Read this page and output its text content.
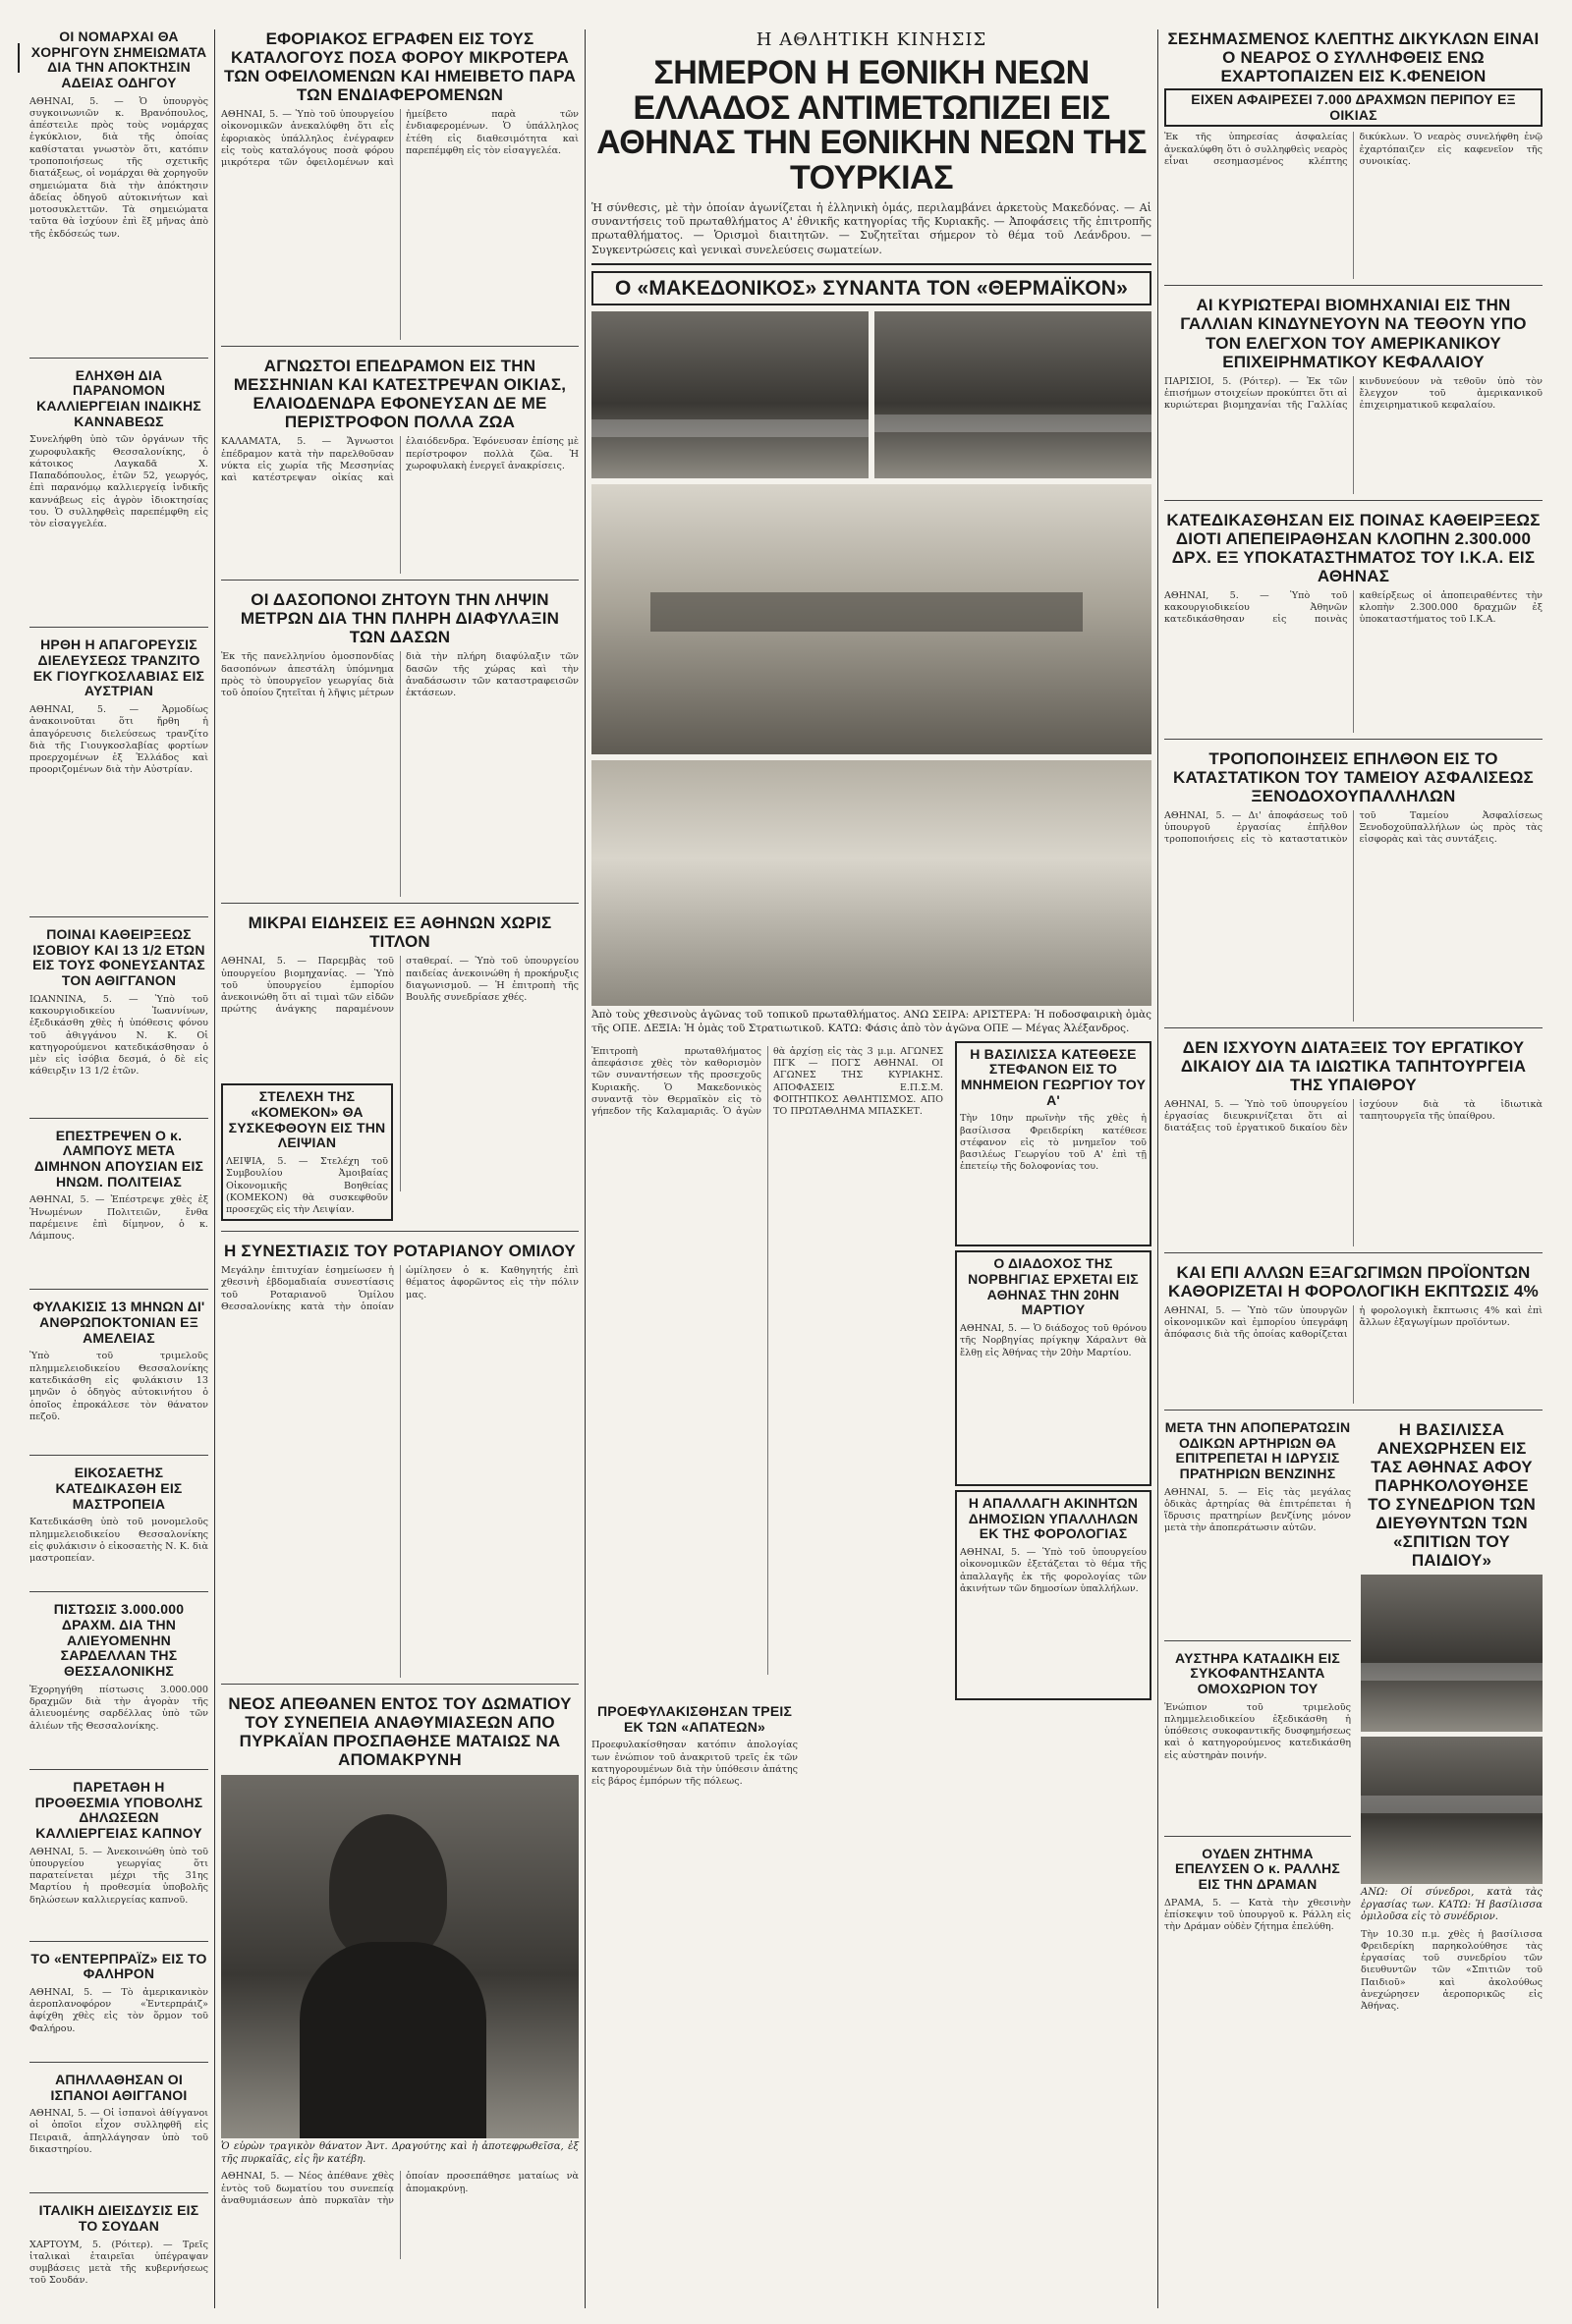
ΟΙ ΝΟΜΑΡΧΑΙ ΘΑ ΧΟΡΗΓΟΥΝ ΣΗΜΕΙΩΜΑΤΑ ΔΙΑ ΤΗΝ ΑΠΟΚΤΗΣΙΝ ΑΔΕΙΑΣ ΟΔΗΓΟΥ
ΑΘΗΝΑΙ, 5. — Ὁ ὑπουργὸς συγκοινωνιῶν κ. Βρανόπουλος, ἀπέστειλε πρὸς τοὺς νομάρχας ἐγκύκλιον, διὰ τῆς ὁποίας καθίσταται γνωστὸν ὅτι, κατόπιν τροποποιήσεως τῆς σχετικῆς διατάξεως, οἱ νομάρχαι θὰ χορηγοῦν σημειώματα διὰ τὴν ἀπόκτησιν ἀδείας ὁδηγοῦ αὐτοκινήτων καὶ μοτοσυκλεττῶν. Τὰ σημειώματα ταῦτα θὰ ἰσχύουν ἐπὶ ἕξ μῆνας ἀπὸ τῆς ἐκδόσεώς των.
ΕΛΗΧΘΗ ΔΙΑ ΠΑΡΑΝΟΜΟΝ ΚΑΛΛΙΕΡΓΕΙΑΝ ΙΝΔΙΚΗΣ ΚΑΝΝΑΒΕΩΣ
Συνελήφθη ὑπὸ τῶν ὀργάνων τῆς χωροφυλακῆς Θεσσαλονίκης, ὁ κάτοικος Λαγκαδᾶ Χ. Παπαδόπουλος, ἐτῶν 52, γεωργός, ἐπὶ παρανόμῳ καλλιεργείᾳ ἰνδικῆς καννάβεως εἰς ἀγρὸν ἰδιοκτησίας του. Ὁ συλληφθεὶς παρεπέμφθη εἰς τὸν εἰσαγγελέα.
ΗΡΘΗ Η ΑΠΑΓΟΡΕΥΣΙΣ ΔΙΕΛΕΥΣΕΩΣ ΤΡΑΝΖΙΤΟ ΕΚ ΓΙΟΥΓΚΟΣΛΑΒΙΑΣ ΕΙΣ ΑΥΣΤΡΙΑΝ
ΑΘΗΝΑΙ, 5. — Ἁρμοδίως ἀνακοινοῦται ὅτι ἤρθη ἡ ἀπαγόρευσις διελεύσεως τρανζίτο διὰ τῆς Γιουγκοσλαβίας φορτίων προερχομένων ἐξ Ἑλλάδος καὶ προοριζομένων διὰ τὴν Αὐστρίαν.
ΠΟΙΝΑΙ ΚΑΘΕΙΡΞΕΩΣ ΙΣΟΒΙΟΥ ΚΑΙ 13 1/2 ΕΤΩΝ ΕΙΣ ΤΟΥΣ ΦΟΝΕΥΣΑΝΤΑΣ ΤΟΝ ΑΘΙΓΓΑΝΟΝ
ΙΩΑΝΝΙΝΑ, 5. — Ὑπὸ τοῦ κακουργιοδικείου Ἰωαννίνων, ἐξεδικάσθη χθὲς ἡ ὑπόθεσις φόνου τοῦ ἀθιγγάνου Ν. Κ. Οἱ κατηγορούμενοι κατεδικάσθησαν ὁ μὲν εἰς ἰσόβια δεσμά, ὁ δὲ εἰς κάθειρξιν 13 1/2 ἐτῶν.
ΕΠΕΣΤΡΕΨΕΝ Ο κ. ΛΑΜΠΟΥΣ ΜΕΤΑ ΔΙΜΗΝΟΝ ΑΠΟΥΣΙΑΝ ΕΙΣ ΗΝΩΜ. ΠΟΛΙΤΕΙΑΣ
ΑΘΗΝΑΙ, 5. — Ἐπέστρεψε χθὲς ἐξ Ἡνωμένων Πολιτειῶν, ἔνθα παρέμεινε ἐπὶ δίμηνον, ὁ κ. Λάμπους.
ΦΥΛΑΚΙΣΙΣ 13 ΜΗΝΩΝ ΔΙ' ΑΝΘΡΩΠΟΚΤΟΝΙΑΝ ΕΞ ΑΜΕΛΕΙΑΣ
Ὑπὸ τοῦ τριμελοῦς πλημμελειοδικείου Θεσσαλονίκης κατεδικάσθη εἰς φυλάκισιν 13 μηνῶν ὁ ὁδηγὸς αὐτοκινήτου ὁ ὁποῖος ἐπροκάλεσε τὸν θάνατον πεζοῦ.
ΕΙΚΟΣΑΕΤΗΣ ΚΑΤΕΔΙΚΑΣΘΗ ΕΙΣ ΜΑΣΤΡΟΠΕΙΑ
Κατεδικάσθη ὑπὸ τοῦ μονομελοῦς πλημμελειοδικείου Θεσσαλονίκης εἰς φυλάκισιν ὁ εἰκοσαετὴς Ν. Κ. διὰ μαστροπείαν.
ΠΙΣΤΩΣΙΣ 3.000.000 ΔΡΑΧΜ. ΔΙΑ ΤΗΝ ΑΛΙΕΥΟΜΕΝΗΝ ΣΑΡΔΕΛΛΑΝ ΤΗΣ ΘΕΣΣΑΛΟΝΙΚΗΣ
Ἐχορηγήθη πίστωσις 3.000.000 δραχμῶν διὰ τὴν ἀγορὰν τῆς ἀλιευομένης σαρδέλλας ὑπὸ τῶν ἀλιέων τῆς Θεσσαλονίκης.
ΠΑΡΕΤΑΘΗ Η ΠΡΟΘΕΣΜΙΑ ΥΠΟΒΟΛΗΣ ΔΗΛΩΣΕΩΝ ΚΑΛΛΙΕΡΓΕΙΑΣ ΚΑΠΝΟΥ
ΑΘΗΝΑΙ, 5. — Ἀνεκοινώθη ὑπὸ τοῦ ὑπουργείου γεωργίας ὅτι παρατείνεται μέχρι τῆς 31ης Μαρτίου ἡ προθεσμία ὑποβολῆς δηλώσεων καλλιεργείας καπνοῦ.
ΤΟ «ΕΝΤΕΡΠΡΑΪΖ» ΕΙΣ ΤΟ ΦΑΛΗΡΟΝ
ΑΘΗΝΑΙ, 5. — Τὸ ἀμερικανικὸν ἀεροπλανοφόρον «Ἐντερπράιζ» ἀφίχθη χθὲς εἰς τὸν ὅρμον τοῦ Φαλήρου.
ΑΠΗΛΛΑΘΗΣΑΝ ΟΙ ΙΣΠΑΝΟΙ ΑΘΙΓΓΑΝΟΙ
ΑΘΗΝΑΙ, 5. — Οἱ ἰσπανοὶ ἀθίγγανοι οἱ ὁποῖοι εἶχον συλληφθῆ εἰς Πειραιᾶ, ἀπηλλάγησαν ὑπὸ τοῦ δικαστηρίου.
ΙΤΑΛΙΚΗ ΔΙΕΙΣΔΥΣΙΣ ΕΙΣ ΤΟ ΣΟΥΔΑΝ
ΧΑΡΤΟΥΜ, 5. (Ρόιτερ). — Τρεῖς ἰταλικαὶ ἑταιρεῖαι ὑπέγραψαν συμβάσεις μετὰ τῆς κυβερνήσεως τοῦ Σουδάν.
ΕΦΟΡΙΑΚΟΣ ΕΓΡΑΦΕΝ ΕΙΣ ΤΟΥΣ ΚΑΤΑΛΟΓΟΥΣ ΠΟΣΑ ΦΟΡΟΥ ΜΙΚΡΟΤΕΡΑ ΤΩΝ ΟΦΕΙΛΟΜΕΝΩΝ ΚΑΙ ΗΜΕΙΒΕΤΟ ΠΑΡΑ ΤΩΝ ΕΝΔΙΑΦΕΡΟΜΕΝΩΝ
ΑΘΗΝΑΙ, 5. — Ὑπὸ τοῦ ὑπουργείου οἰκονομικῶν ἀνεκαλύφθη ὅτι εἷς ἐφοριακὸς ὑπάλληλος ἐνέγραφεν εἰς τοὺς καταλόγους ποσὰ φόρου μικρότερα τῶν ὀφειλομένων καὶ ἠμείβετο παρὰ τῶν ἐνδιαφερομένων. Ὁ ὑπάλληλος ἐτέθη εἰς διαθεσιμότητα καὶ παρεπέμφθη εἰς τὸν εἰσαγγελέα.
ΑΓΝΩΣΤΟΙ ΕΠΕΔΡΑΜΟΝ ΕΙΣ ΤΗΝ ΜΕΣΣΗΝΙΑΝ ΚΑΙ ΚΑΤΕΣΤΡΕΨΑΝ ΟΙΚΙΑΣ, ΕΛΑΙΟΔΕΝΔΡΑ ΕΦΟΝΕΥΣΑΝ ΔΕ ΜΕ ΠΕΡΙΣΤΡΟΦΟΝ ΠΟΛΛΑ ΖΩΑ
ΚΑΛΑΜΑΤΑ, 5. — Ἄγνωστοι ἐπέδραμον κατὰ τὴν παρελθοῦσαν νύκτα εἰς χωρία τῆς Μεσσηνίας καὶ κατέστρεψαν οἰκίας καὶ ἐλαιόδενδρα. Ἐφόνευσαν ἐπίσης μὲ περίστροφον πολλὰ ζῶα. Ἡ χωροφυλακὴ ἐνεργεῖ ἀνακρίσεις.
ΟΙ ΔΑΣΟΠΟΝΟΙ ΖΗΤΟΥΝ ΤΗΝ ΛΗΨΙΝ ΜΕΤΡΩΝ ΔΙΑ ΤΗΝ ΠΛΗΡΗ ΔΙΑΦΥΛΑΞΙΝ ΤΩΝ ΔΑΣΩΝ
Ἐκ τῆς πανελληνίου ὁμοσπονδίας δασοπόνων ἀπεστάλη ὑπόμνημα πρὸς τὸ ὑπουργεῖον γεωργίας διὰ τοῦ ὁποίου ζητεῖται ἡ λῆψις μέτρων διὰ τὴν πλήρη διαφύλαξιν τῶν δασῶν τῆς χώρας καὶ τὴν ἀναδάσωσιν τῶν καταστραφεισῶν ἐκτάσεων.
ΜΙΚΡΑΙ ΕΙΔΗΣΕΙΣ ΕΞ ΑΘΗΝΩΝ ΧΩΡΙΣ ΤΙΤΛΟΝ
ΑΘΗΝΑΙ, 5. — Παρεμβὰς τοῦ ὑπουργείου βιομηχανίας. — Ὑπὸ τοῦ ὑπουργείου ἐμπορίου ἀνεκοινώθη ὅτι αἱ τιμαὶ τῶν εἰδῶν πρώτης ἀνάγκης παραμένουν σταθεραί. — Ὑπὸ τοῦ ὑπουργείου παιδείας ἀνεκοινώθη ἡ προκήρυξις διαγωνισμοῦ. — Ἡ ἐπιτροπὴ τῆς Βουλῆς συνεδρίασε χθές.
ΣΤΕΛΕΧΗ ΤΗΣ «ΚΟΜΕΚΟΝ» ΘΑ ΣΥΣΚΕΦΘΟΥΝ ΕΙΣ ΤΗΝ ΛΕΙΨΙΑΝ
ΛΕΙΨΙΑ, 5. — Στελέχη τοῦ Συμβουλίου Ἀμοιβαίας Οἰκονομικῆς Βοηθείας (ΚΟΜΕΚΟΝ) θὰ συσκεφθοῦν προσεχῶς εἰς τὴν Λειψίαν.
Η ΣΥΝΕΣΤΙΑΣΙΣ ΤΟΥ ΡΟΤΑΡΙΑΝΟΥ ΟΜΙΛΟΥ
Μεγάλην ἐπιτυχίαν ἐσημείωσεν ἡ χθεσινὴ ἑβδομαδιαία συνεστίασις τοῦ Ροταριανοῦ Ὁμίλου Θεσσαλονίκης κατὰ τὴν ὁποίαν ὡμίλησεν ὁ κ. Καθηγητής ἐπὶ θέματος ἀφορῶντος εἰς τὴν πόλιν μας.
ΝΕΟΣ ΑΠΕΘΑΝΕΝ ΕΝΤΟΣ ΤΟΥ ΔΩΜΑΤΙΟΥ ΤΟΥ ΣΥΝΕΠΕΙΑ ΑΝΑΘΥΜΙΑΣΕΩΝ ΑΠΟ ΠΥΡΚΑΪΑΝ ΠΡΟΣΠΑΘΗΣΕ ΜΑΤΑΙΩΣ ΝΑ ΑΠΟΜΑΚΡΥΝΗ
Ὁ εὑρὼν τραγικὸν θάνατον Ἀντ. Δραγούτης καὶ ἡ ἀποτεφρωθεῖσα, ἐξ τῆς πυρκαϊᾶς, εἰς ἣν κατέβη.
ΑΘΗΝΑΙ, 5. — Νέος ἀπέθανε χθὲς ἐντὸς τοῦ δωματίου του συνεπείᾳ ἀναθυμιάσεων ἀπὸ πυρκαϊὰν τὴν ὁποίαν προσεπάθησε ματαίως νὰ ἀπομακρύνῃ.
Η ΑΘΛΗΤΙΚΗ ΚΙΝΗΣΙΣ
ΣΗΜΕΡΟΝ Η ΕΘΝΙΚΗ ΝΕΩΝ ΕΛΛΑΔΟΣ ΑΝΤΙΜΕΤΩΠΙΖΕΙ ΕΙΣ ΑΘΗΝΑΣ ΤΗΝ ΕΘΝΙΚΗΝ ΝΕΩΝ ΤΗΣ ΤΟΥΡΚΙΑΣ
Ἡ σύνθεσις, μὲ τὴν ὁποίαν ἀγωνίζεται ἡ ἑλληνικὴ ὁμάς, περιλαμβάνει ἀρκετοὺς Μακεδόνας. — Αἱ συναντήσεις τοῦ πρωταθλήματος Α' ἐθνικῆς κατηγορίας τῆς Κυριακῆς. — Ἀποφάσεις τῆς ἐπιτροπῆς πρωταθλήματος. — Ὁρισμοὶ διαιτητῶν. — Συζητεῖται σήμερον τὸ θέμα τοῦ Λεάνδρου. — Συγκεντρώσεις καὶ γενικαὶ συνελεύσεις σωματείων.
Ο «ΜΑΚΕΔΟΝΙΚΟΣ» ΣΥΝΑΝΤΑ ΤΟΝ «ΘΕΡΜΑΪΚΟΝ»
Ἀπὸ τοὺς χθεσινοὺς ἀγῶνας τοῦ τοπικοῦ πρωταθλήματος. ΑΝΩ ΣΕΙΡΑ: ΑΡΙΣΤΕΡΑ: Ἡ ποδοσφαιρικὴ ὁμὰς τῆς ΟΠΕ. ΔΕΞΙΑ: Ἡ ὁμὰς τοῦ Στρατιωτικοῦ. ΚΑΤΩ: Φάσις ἀπὸ τὸν ἀγῶνα ΟΠΕ — Μέγας Ἀλέξανδρος.
Ἐπιτροπὴ πρωταθλήματος ἀπεφάσισε χθὲς τὸν καθορισμὸν τῶν συναντήσεων τῆς προσεχοῦς Κυριακῆς. Ὁ Μακεδονικὸς συναντᾷ τὸν Θερμαϊκὸν εἰς τὸ γήπεδον τῆς Καλαμαριᾶς. Ὁ ἀγὼν θὰ ἀρχίσῃ εἰς τὰς 3 μ.μ. ΑΓΩΝΕΣ ΠΓΚ — ΠΟΓΣ ΑΘΗΝΑΙ. ΟΙ ΑΓΩΝΕΣ ΤΗΣ ΚΥΡΙΑΚΗΣ. ΑΠΟΦΑΣΕΙΣ Ε.Π.Σ.Μ. ΦΟΙΤΗΤΙΚΟΣ ΑΘΛΗΤΙΣΜΟΣ. ΑΠΟ ΤΟ ΠΡΩΤΑΘΛΗΜΑ ΜΠΑΣΚΕΤ.
Η ΒΑΣΙΛΙΣΣΑ ΚΑΤΕΘΕΣΕ ΣΤΕΦΑΝΟΝ ΕΙΣ ΤΟ ΜΝΗΜΕΙΟΝ ΓΕΩΡΓΙΟΥ ΤΟΥ Α'
Τὴν 10ην πρωϊνὴν τῆς χθὲς ἡ βασίλισσα Φρειδερίκη κατέθεσε στέφανον εἰς τὸ μνημεῖον τοῦ βασιλέως Γεωργίου τοῦ Α' ἐπὶ τῇ ἐπετείῳ τῆς δολοφονίας του.
Ο ΔΙΑΔΟΧΟΣ ΤΗΣ ΝΟΡΒΗΓΙΑΣ ΕΡΧΕΤΑΙ ΕΙΣ ΑΘΗΝΑΣ ΤΗΝ 20ΗΝ ΜΑΡΤΙΟΥ
ΑΘΗΝΑΙ, 5. — Ὁ διάδοχος τοῦ θρόνου τῆς Νορβηγίας πρίγκηψ Χάραλντ θὰ ἔλθῃ εἰς Ἀθήνας τὴν 20ὴν Μαρτίου.
Η ΑΠΑΛΛΑΓΗ ΑΚΙΝΗΤΩΝ ΔΗΜΟΣΙΩΝ ΥΠΑΛΛΗΛΩΝ ΕΚ ΤΗΣ ΦΟΡΟΛΟΓΙΑΣ
ΑΘΗΝΑΙ, 5. — Ὑπὸ τοῦ ὑπουργείου οἰκονομικῶν ἐξετάζεται τὸ θέμα τῆς ἀπαλλαγῆς ἐκ τῆς φορολογίας τῶν ἀκινήτων τῶν δημοσίων ὑπαλλήλων.
ΠΡΟΕΦΥΛΑΚΙΣΘΗΣΑΝ ΤΡΕΙΣ ΕΚ ΤΩΝ «ΑΠΑΤΕΩΝ»
Προεφυλακίσθησαν κατόπιν ἀπολογίας των ἐνώπιον τοῦ ἀνακριτοῦ τρεῖς ἐκ τῶν κατηγορουμένων διὰ τὴν ὑπόθεσιν ἀπάτης εἰς βάρος ἐμπόρων τῆς πόλεως.
ΣΕΣΗΜΑΣΜΕΝΟΣ ΚΛΕΠΤΗΣ ΔΙΚΥΚΛΩΝ ΕΙΝΑΙ Ο ΝΕΑΡΟΣ Ο ΣΥΛΛΗΦΘΕΙΣ ΕΝΩ ΕΧΑΡΤΟΠΑΙΖΕΝ ΕΙΣ Κ.ΦΕΝΕΙΟΝ
ΕΙΧΕΝ ΑΦΑΙΡΕΣΕΙ 7.000 ΔΡΑΧΜΩΝ ΠΕΡΙΠΟΥ ΕΞ ΟΙΚΙΑΣ
Ἐκ τῆς ὑπηρεσίας ἀσφαλείας ἀνεκαλύφθη ὅτι ὁ συλληφθεὶς νεαρὸς εἶναι σεσημασμένος κλέπτης δικύκλων. Ὁ νεαρὸς συνελήφθη ἐνῷ ἐχαρτόπαιζεν εἰς καφενεῖον τῆς συνοικίας.
ΑΙ ΚΥΡΙΩΤΕΡΑΙ ΒΙΟΜΗΧΑΝΙΑΙ ΕΙΣ ΤΗΝ ΓΑΛΛΙΑΝ ΚΙΝΔΥΝΕΥΟΥΝ ΝΑ ΤΕΘΟΥΝ ΥΠΟ ΤΟΝ ΕΛΕΓΧΟΝ ΤΟΥ ΑΜΕΡΙΚΑΝΙΚΟΥ ΕΠΙΧΕΙΡΗΜΑΤΙΚΟΥ ΚΕΦΑΛΑΙΟΥ
ΠΑΡΙΣΙΟΙ, 5. (Ρόιτερ). — Ἐκ τῶν ἐπισήμων στοιχείων προκύπτει ὅτι αἱ κυριώτεραι βιομηχανίαι τῆς Γαλλίας κινδυνεύουν νὰ τεθοῦν ὑπὸ τὸν ἔλεγχον τοῦ ἀμερικανικοῦ ἐπιχειρηματικοῦ κεφαλαίου.
ΚΑΤΕΔΙΚΑΣΘΗΣΑΝ ΕΙΣ ΠΟΙΝΑΣ ΚΑΘΕΙΡΞΕΩΣ ΔΙΟΤΙ ΑΠΕΠΕΙΡΑΘΗΣΑΝ ΚΛΟΠΗΝ 2.300.000 ΔΡΧ. ΕΞ ΥΠΟΚΑΤΑΣΤΗΜΑΤΟΣ ΤΟΥ Ι.Κ.Α. ΕΙΣ ΑΘΗΝΑΣ
ΑΘΗΝΑΙ, 5. — Ὑπὸ τοῦ κακουργιοδικείου Ἀθηνῶν κατεδικάσθησαν εἰς ποινὰς καθείρξεως οἱ ἀποπειραθέντες τὴν κλοπὴν 2.300.000 δραχμῶν ἐξ ὑποκαταστήματος τοῦ Ι.Κ.Α.
ΤΡΟΠΟΠΟΙΗΣΕΙΣ ΕΠΗΛΘΟΝ ΕΙΣ ΤΟ ΚΑΤΑΣΤΑΤΙΚΟΝ ΤΟΥ ΤΑΜΕΙΟΥ ΑΣΦΑΛΙΣΕΩΣ ΞΕΝΟΔΟΧΟΥΠΑΛΛΗΛΩΝ
ΑΘΗΝΑΙ, 5. — Δι' ἀποφάσεως τοῦ ὑπουργοῦ ἐργασίας ἐπῆλθον τροποποιήσεις εἰς τὸ καταστατικὸν τοῦ Ταμείου Ἀσφαλίσεως Ξενοδοχοϋπαλλήλων ὡς πρὸς τὰς εἰσφορὰς καὶ τὰς συντάξεις.
ΔΕΝ ΙΣΧΥΟΥΝ ΔΙΑΤΑΞΕΙΣ ΤΟΥ ΕΡΓΑΤΙΚΟΥ ΔΙΚΑΙΟΥ ΔΙΑ ΤΑ ΙΔΙΩΤΙΚΑ ΤΑΠΗΤΟΥΡΓΕΙΑ ΤΗΣ ΥΠΑΙΘΡΟΥ
ΑΘΗΝΑΙ, 5. — Ὑπὸ τοῦ ὑπουργείου ἐργασίας διευκρινίζεται ὅτι αἱ διατάξεις τοῦ ἐργατικοῦ δικαίου δὲν ἰσχύουν διὰ τὰ ἰδιωτικὰ ταπητουργεῖα τῆς ὑπαίθρου.
ΚΑΙ ΕΠΙ ΑΛΛΩΝ ΕΞΑΓΩΓΙΜΩΝ ΠΡΟΪΟΝΤΩΝ ΚΑΘΟΡΙΖΕΤΑΙ Η ΦΟΡΟΛΟΓΙΚΗ ΕΚΠΤΩΣΙΣ 4%
ΑΘΗΝΑΙ, 5. — Ὑπὸ τῶν ὑπουργῶν οἰκονομικῶν καὶ ἐμπορίου ὑπεγράφη ἀπόφασις διὰ τῆς ὁποίας καθορίζεται ἡ φορολογικὴ ἔκπτωσις 4% καὶ ἐπὶ ἄλλων ἐξαγωγίμων προϊόντων.
ΜΕΤΑ ΤΗΝ ΑΠΟΠΕΡΑΤΩΣΙΝ ΟΔΙΚΩΝ ΑΡΤΗΡΙΩΝ ΘΑ ΕΠΙΤΡΕΠΕΤΑΙ Η ΙΔΡΥΣΙΣ ΠΡΑΤΗΡΙΩΝ ΒΕΝΖΙΝΗΣ
ΑΘΗΝΑΙ, 5. — Εἰς τὰς μεγάλας ὁδικὰς ἀρτηρίας θὰ ἐπιτρέπεται ἡ ἵδρυσις πρατηρίων βενζίνης μόνον μετὰ τὴν ἀποπεράτωσιν αὐτῶν.
ΑΥΣΤΗΡΑ ΚΑΤΑΔΙΚΗ ΕΙΣ ΣΥΚΟΦΑΝΤΗΣΑΝΤΑ ΟΜΟΧΩΡΙΟΝ ΤΟΥ
Ἐνώπιον τοῦ τριμελοῦς πλημμελειοδικείου ἐξεδικάσθη ἡ ὑπόθεσις συκοφαντικῆς δυσφημήσεως καὶ ὁ κατηγορούμενος κατεδικάσθη εἰς αὐστηρὰν ποινήν.
ΟΥΔΕΝ ΖΗΤΗΜΑ ΕΠΕΛΥΣΕΝ Ο κ. ΡΑΛΛΗΣ ΕΙΣ ΤΗΝ ΔΡΑΜΑΝ
ΔΡΑΜΑ, 5. — Κατὰ τὴν χθεσινὴν ἐπίσκεψιν τοῦ ὑπουργοῦ κ. Ράλλη εἰς τὴν Δράμαν οὐδὲν ζήτημα ἐπελύθη.
Η ΒΑΣΙΛΙΣΣΑ ΑΝΕΧΩΡΗΣΕΝ ΕΙΣ ΤΑΣ ΑΘΗΝΑΣ ΑΦΟΥ ΠΑΡΗΚΟΛΟΥΘΗΣΕ ΤΟ ΣΥΝΕΔΡΙΟΝ ΤΩΝ ΔΙΕΥΘΥΝΤΩΝ ΤΩΝ «ΣΠΙΤΙΩΝ ΤΟΥ ΠΑΙΔΙΟΥ»
ΑΝΩ: Οἱ σύνεδροι, κατὰ τὰς ἐργασίας των. ΚΑΤΩ: Ἡ βασίλισσα ὁμιλοῦσα εἰς τὸ συνέδριον.
Τὴν 10.30 π.μ. χθὲς ἡ βασίλισσα Φρειδερίκη παρηκολούθησε τὰς ἐργασίας τοῦ συνεδρίου τῶν διευθυντῶν τῶν «Σπιτιῶν τοῦ Παιδιοῦ» καὶ ἀκολούθως ἀνεχώρησεν ἀεροπορικῶς εἰς Ἀθήνας.
